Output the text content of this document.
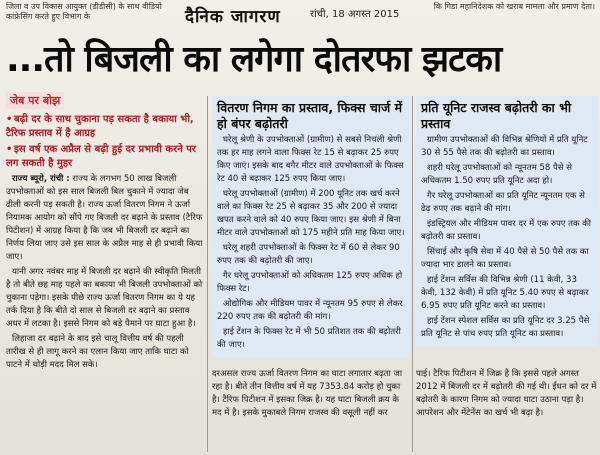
जिला व उप विकास आयुक्त (डीडीसी) के साथ वीडियो कांफ्रेसिंग करते हुए विभाग के
कि गिडा महानिदेशक को खराब मामला और प्रमाण देता।
दैनिक जागरण	रांची, 18 अगस्त 2015
...तो बिजली का लगेगा दोतरफा झटका
जेब पर बोझ
• बढ़ी दर के साथ चुकाना पड़ सकता है बकाया भी, टैरिफ प्रस्ताव में है आग्रह
• इस वर्ष एक अप्रैल से बढ़ी हुई दर प्रभावी करने पर लग सकती है मुहर
राज्य ब्यूरो, रांची : राज्य के लगभग 50 लाख बिजली उपभोक्ताओं को इस साल बिजली बिल चुकाने में ज्यादा जेब ढीली करनी पड़ सकती है। राज्य ऊर्जा वितरण निगम ने ऊर्जा नियामक आयोग को सौंपे गए बिजली दर बढ़ाने के प्रस्ताव (टैरिफ पिटीशन) में आग्रह किया है कि जब भी बिजली दर बढ़ाने का निर्णय लिया जाए उसे इस साल के अप्रैल माह से ही प्रभावी किया जाए।
यानी अगर नवंबर माह में बिजली दर बढ़ाने की स्वीकृति मिलती है तो बीते छह माह पहले का बकाया भी बिजली उपभोक्ताओं को चुकाना पड़ेगा। इसके पीछे राज्य ऊर्जा वितरण निगम का ये यह तर्क दिया है कि बीते दो साल से बिजली दर बढ़ाने का प्रस्ताव अधर में लटका है। इससे निगम को बड़े पैमाने पर घाटा हुआ है।
लिहाजा दर बढ़ाने के बाद इसे चालू वित्तीय वर्ष की पहली तारीख से ही लागू करने का एलान किया जाए ताकि घाटा को पाटने में थोड़ी मदद मिल सके।
वितरण निगम का प्रस्ताव, फिक्स चार्ज में हो बंपर बढ़ोतरी
घरेलू श्रेणी के उपभोक्ताओं (ग्रामीण) से सबसे निचली श्रेणी तक हर माह लगने वाला फिक्स रेट 15 से बढ़ाकर 25 रुपए किए जाएं। इसके बाद बगैर मीटर वाले उपभोक्ताओं के फिक्स रेट 40 से बढ़ाकर 125 रुपए किया जाए।
घरेलू उपभोक्ताओं (ग्रामीण) में 200 यूनिट तक खर्च करने वाले का फिक्स रेट 25 से बढ़ाकर 35 और 200 से ज्यादा खपत करने वाले को 40 रुपए किया जाए। इस श्रेणी में बिना मीटर वाले उपभोक्ताओं को 175 महीने प्रति माह किया जाए।
घरेलू शहरी उपभोक्ताओं के फिक्स रेट में 60 से लेकर 90 रुपए तक की बढ़ोतरी की जाए।
गैर घरेलू उपभोक्ताओं को अधिकतम 125 रुपए अधिक हो फिक्स रेट।
ओद्योगिक और मीडियम पावर में न्यूनतम 95 रुपए से लेकर 220 रुपए तक की बढ़ोतरी की मांग।
हाई टेंशन के फिक्स रेट में भी 50 प्रतिशत तक की बढ़ोतरी की जाए।
प्रति यूनिट राजस्व बढ़ोतरी का भी प्रस्ताव
ग्रामीण उपभोक्ताओं की विभिन्न श्रेणियों में प्रति यूनिट 30 से 55 पैसे तक की बढ़ोतरी का प्रस्ताव।
शहरी घरेलू उपभोक्ताओं को न्यूनतम 58 पैसे से अधिकतम 1.50 रुपए प्रति यूनिट अदा हो।
गैर घरेलू उपभोक्ताओं का प्रति यूनिट न्यूनतम एक से ढेढ़ रुपए तक बढ़ाने की मांग।
इंडस्ट्रियल और मीडियम पावर दर में एक रुपए तक की बढ़ोतरी का प्रस्ताव।
सिंचाई और कृषि सेवा में 40 पैसे से 50 पैसे तक का ज्यादा भार डालने का प्रस्ताव।
हाई टेंशन सर्विस की विभिन्न श्रेणी (11 केवी, 33 केवी, 132 केवी) में प्रति यूनिट 5.40 रुपए से बढ़ाकर 6.95 रुपए प्रति यूनिट करने का प्रस्ताव।
हाई टेंशन स्पेशल सर्विस का प्रति यूनिट दर 3.25 पैसे प्रति यूनिट से पांच रुपए प्रति यूनिट का प्रस्ताव।
दरअसल राज्य ऊर्जा वितरण निगम का घाटा लगातार बढ़ता जा रहा है। बीते तीन वित्तीय वर्ष में यह 7353.84 करोड़ हो चुका है। टैरिफ पिटीशन में इसका जिक्र है। यह घाटा बिजली क्रय के मद में है। इसके मुकाबले निगम राजस्व की वसूली नहीं कर
पाई। टैरिफ पिटीशन में जिक्र है कि इससे पहले अगस्त 2012 में बिजली दर में बढ़ोतरी की गई थी। ईंधन को दर में बढ़ोतरी के कारण निगम को ज्यादा घाटा उठाना पड़ा है। आपरेशन और मेंटेनेंस का खर्च भी बढ़ा है।
